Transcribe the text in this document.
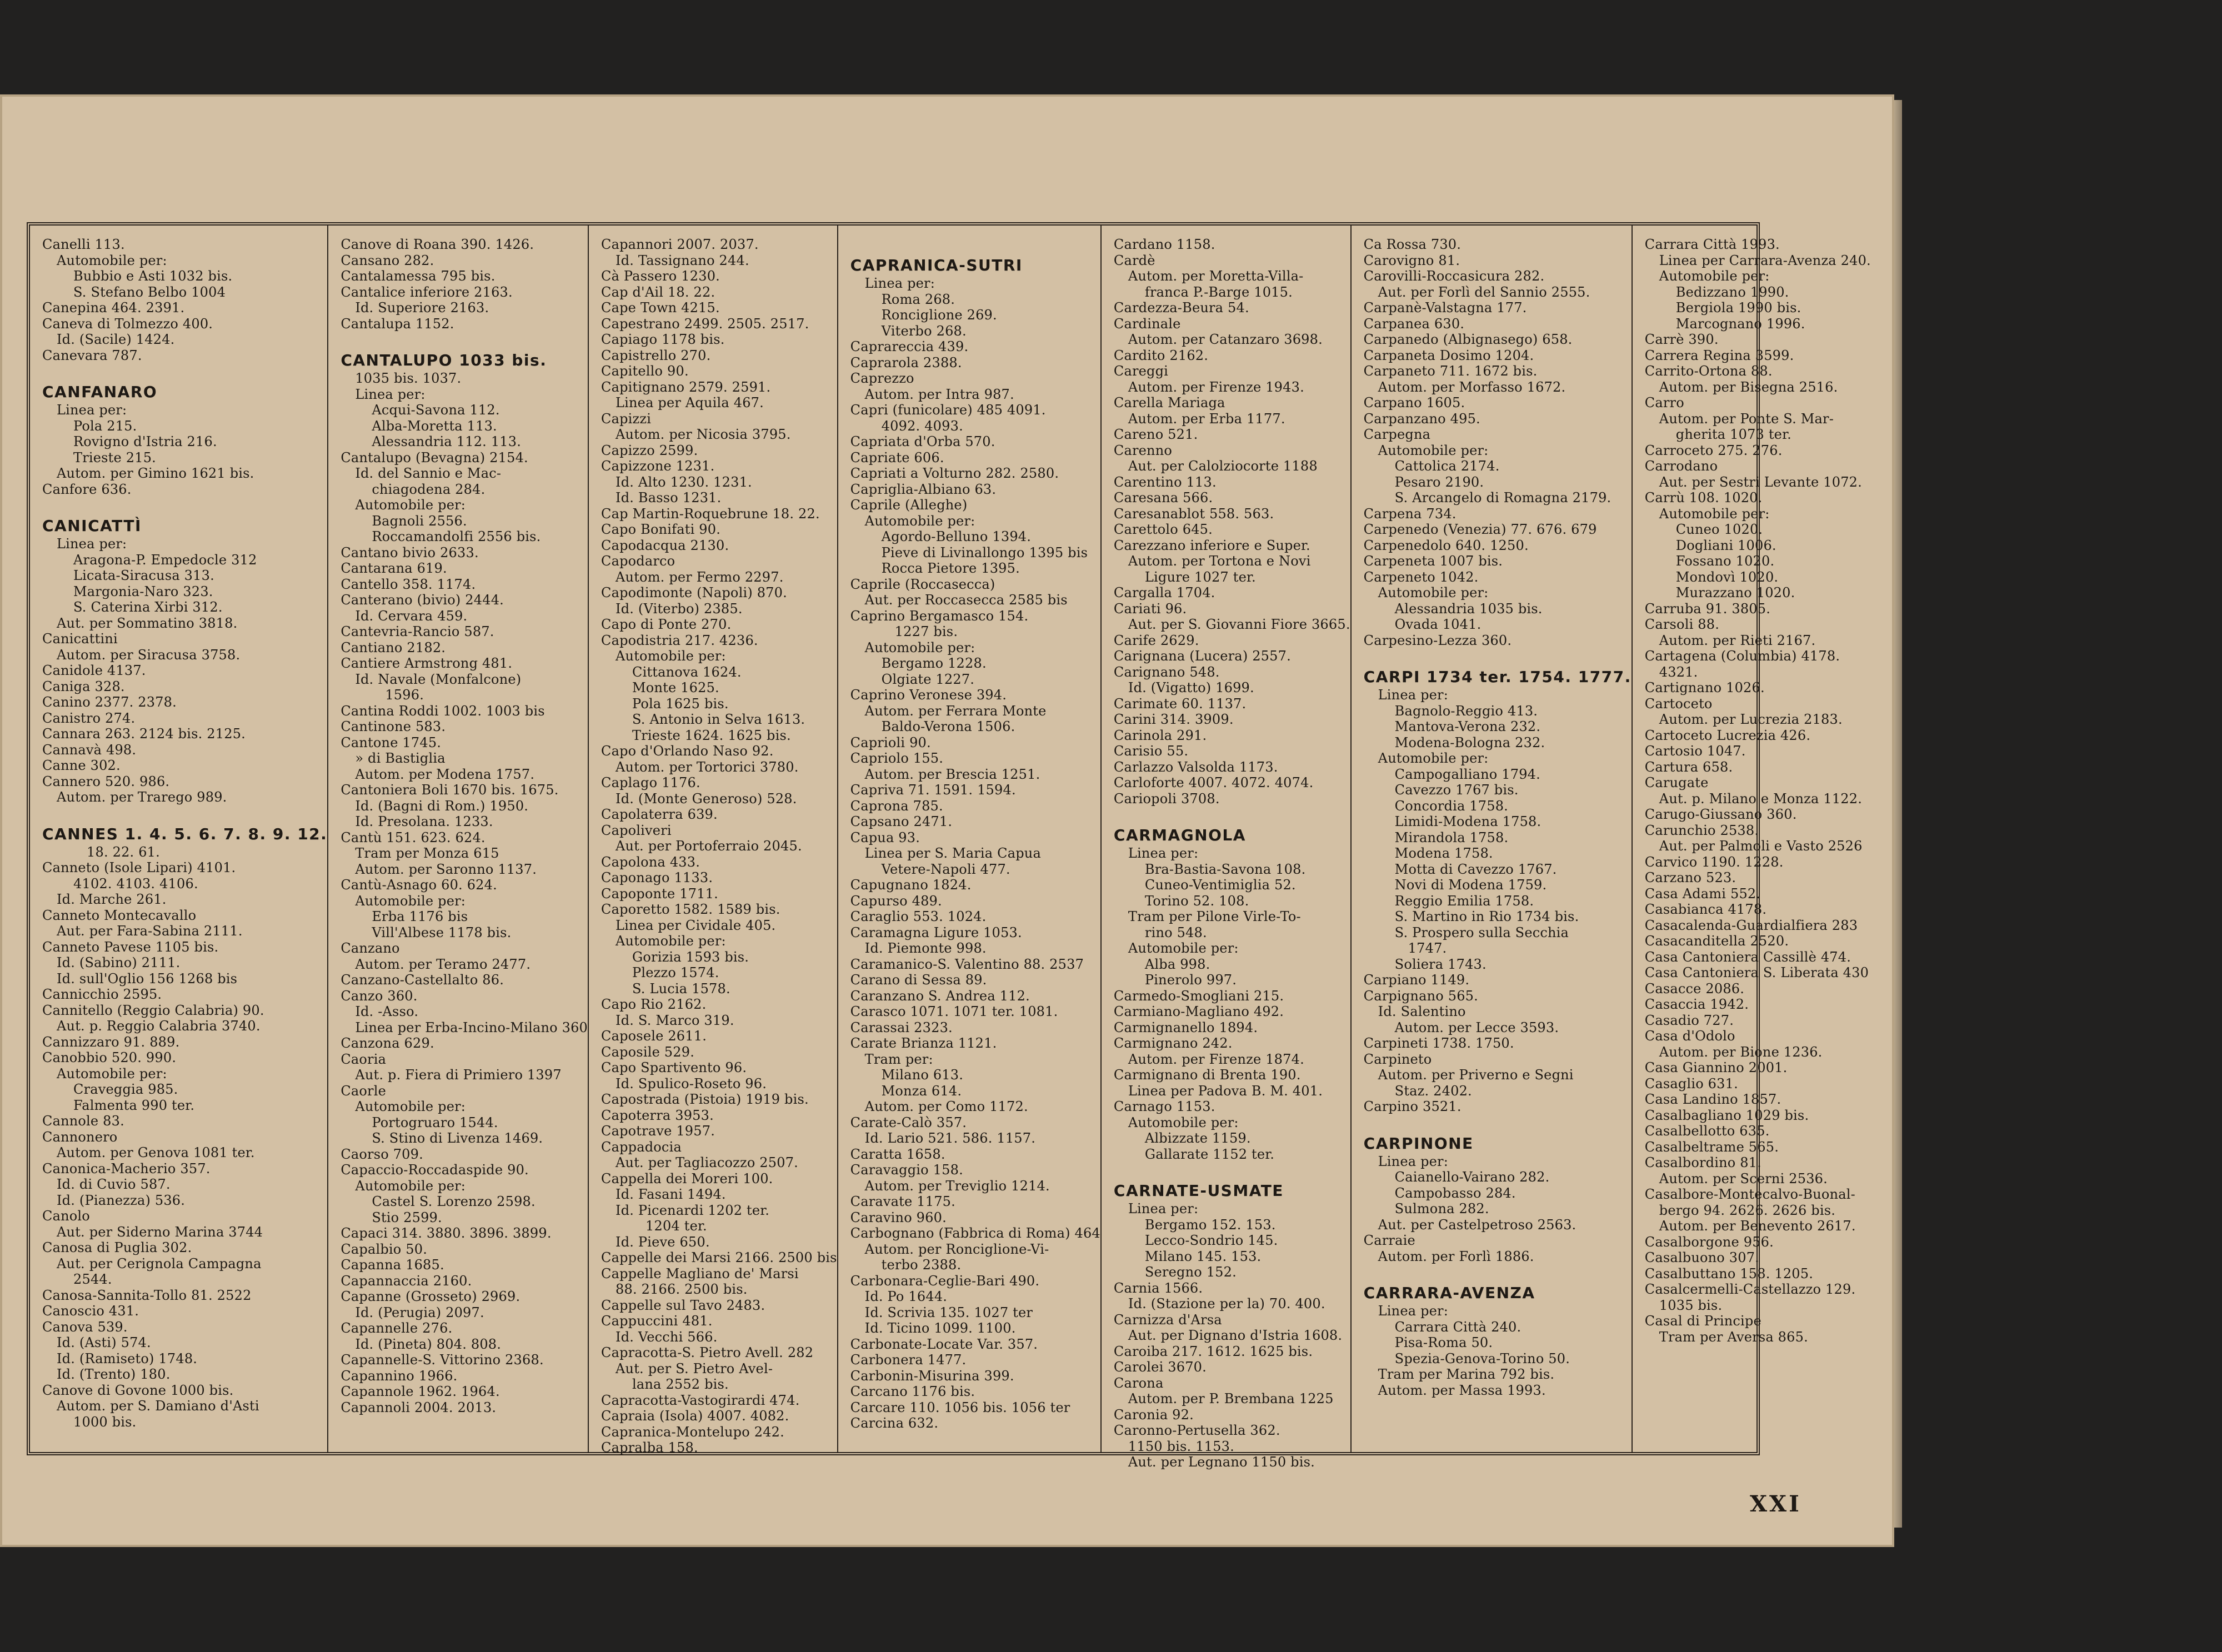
Canelli 113.
Automobile per:
Bubbio e Asti 1032 bis.
S. Stefano Belbo 1004
Canepina 464. 2391.
Caneva di Tolmezzo 400.
Id. (Sacile) 1424.
Canevara 787.
CANFANARO
Linea per:
Pola 215.
Rovigno d'Istria 216.
Trieste 215.
Autom. per Gimino 1621 bis.
Canfore 636.
CANICATTÌ
Linea per:
Aragona-P. Empedocle 312
Licata-Siracusa 313.
Margonia-Naro 323.
S. Caterina Xirbi 312.
Aut. per Sommatino 3818.
Canicattini
Autom. per Siracusa 3758.
Canidole 4137.
Caniga 328.
Canino 2377. 2378.
Canistro 274.
Cannara 263. 2124 bis. 2125.
Cannavà 498.
Canne 302.
Cannero 520. 986.
Autom. per Trarego 989.
CANNES 1. 4. 5. 6. 7. 8. 9. 12.
18. 22. 61.
Canneto (Isole Lipari) 4101.
4102. 4103. 4106.
Id. Marche 261.
Canneto Montecavallo
Aut. per Fara-Sabina 2111.
Canneto Pavese 1105 bis.
Id. (Sabino) 2111.
Id. sull'Oglio 156 1268 bis
Cannicchio 2595.
Cannitello (Reggio Calabria) 90.
Aut. p. Reggio Calabria 3740.
Cannizzaro 91. 889.
Canobbio 520. 990.
Automobile per:
Craveggia 985.
Falmenta 990 ter.
Cannole 83.
Cannonero
Autom. per Genova 1081 ter.
Canonica-Macherio 357.
Id. di Cuvio 587.
Id. (Pianezza) 536.
Canolo
Aut. per Siderno Marina 3744
Canosa di Puglia 302.
Aut. per Cerignola Campagna
2544.
Canosa-Sannita-Tollo 81. 2522
Canoscio 431.
Canova 539.
Id. (Asti) 574.
Id. (Ramiseto) 1748.
Id. (Trento) 180.
Canove di Govone 1000 bis.
Autom. per S. Damiano d'Asti
1000 bis.
Canove di Roana 390. 1426.
Cansano 282.
Cantalamessa 795 bis.
Cantalice inferiore 2163.
Id. Superiore 2163.
Cantalupa 1152.
CANTALUPO 1033 bis.
1035 bis. 1037.
Linea per:
Acqui-Savona 112.
Alba-Moretta 113.
Alessandria 112. 113.
Cantalupo (Bevagna) 2154.
Id. del Sannio e Mac-
chiagodena 284.
Automobile per:
Bagnoli 2556.
Roccamandolfi 2556 bis.
Cantano bivio 2633.
Cantarana 619.
Cantello 358. 1174.
Canterano (bivio) 2444.
Id. Cervara 459.
Cantevria-Rancio 587.
Cantiano 2182.
Cantiere Armstrong 481.
Id. Navale (Monfalcone)
1596.
Cantina Roddi 1002. 1003 bis
Cantinone 583.
Cantone 1745.
» di Bastiglia
Autom. per Modena 1757.
Cantoniera Boli 1670 bis. 1675.
Id. (Bagni di Rom.) 1950.
Id. Presolana. 1233.
Cantù 151. 623. 624.
Tram per Monza 615
Autom. per Saronno 1137.
Cantù-Asnago 60. 624.
Automobile per:
Erba 1176 bis
Vill'Albese 1178 bis.
Canzano
Autom. per Teramo 2477.
Canzano-Castellalto 86.
Canzo 360.
Id. -Asso.
Linea per Erba-Incino-Milano 360
Canzona 629.
Caoria
Aut. p. Fiera di Primiero 1397
Caorle
Automobile per:
Portogruaro 1544.
S. Stino di Livenza 1469.
Caorso 709.
Capaccio-Roccadaspide 90.
Automobile per:
Castel S. Lorenzo 2598.
Stio 2599.
Capaci 314. 3880. 3896. 3899.
Capalbio 50.
Capanna 1685.
Capannaccia 2160.
Capanne (Grosseto) 2969.
Id. (Perugia) 2097.
Capannelle 276.
Id. (Pineta) 804. 808.
Capannelle-S. Vittorino 2368.
Capannino 1966.
Capannole 1962. 1964.
Capannoli 2004. 2013.
Capannori 2007. 2037.
Id. Tassignano 244.
Cà Passero 1230.
Cap d'Ail 18. 22.
Cape Town 4215.
Capestrano 2499. 2505. 2517.
Capiago 1178 bis.
Capistrello 270.
Capitello 90.
Capitignano 2579. 2591.
Linea per Aquila 467.
Capizzi
Autom. per Nicosia 3795.
Capizzo 2599.
Capizzone 1231.
Id. Alto 1230. 1231.
Id. Basso 1231.
Cap Martin-Roquebrune 18. 22.
Capo Bonifati 90.
Capodacqua 2130.
Capodarco
Autom. per Fermo 2297.
Capodimonte (Napoli) 870.
Id. (Viterbo) 2385.
Capo di Ponte 270.
Capodistria 217. 4236.
Automobile per:
Cittanova 1624.
Monte 1625.
Pola 1625 bis.
S. Antonio in Selva 1613.
Trieste 1624. 1625 bis.
Capo d'Orlando Naso 92.
Autom. per Tortorici 3780.
Caplago 1176.
Id. (Monte Generoso) 528.
Capolaterra 639.
Capoliveri
Aut. per Portoferraio 2045.
Capolona 433.
Caponago 1133.
Capoponte 1711.
Caporetto 1582. 1589 bis.
Linea per Cividale 405.
Automobile per:
Gorizia 1593 bis.
Plezzo 1574.
S. Lucia 1578.
Capo Rio 2162.
Id. S. Marco 319.
Caposele 2611.
Caposile 529.
Capo Spartivento 96.
Id. Spulico-Roseto 96.
Capostrada (Pistoia) 1919 bis.
Capoterra 3953.
Capotrave 1957.
Cappadocia
Aut. per Tagliacozzo 2507.
Cappella dei Moreri 100.
Id. Fasani 1494.
Id. Picenardi 1202 ter.
1204 ter.
Id. Pieve 650.
Cappelle dei Marsi 2166. 2500 bis
Cappelle Magliano de' Marsi
88. 2166. 2500 bis.
Cappelle sul Tavo 2483.
Cappuccini 481.
Id. Vecchi 566.
Capracotta-S. Pietro Avell. 282
Aut. per S. Pietro Avel-
lana 2552 bis.
Capracotta-Vastogirardi 474.
Capraia (Isola) 4007. 4082.
Capranica-Montelupo 242.
Capralba 158.
CAPRANICA-SUTRI
Linea per:
Roma 268.
Ronciglione 269.
Viterbo 268.
Caprareccia 439.
Caprarola 2388.
Caprezzo
Autom. per Intra 987.
Capri (funicolare) 485 4091.
4092. 4093.
Capriata d'Orba 570.
Capriate 606.
Capriati a Volturno 282. 2580.
Capriglia-Albiano 63.
Caprile (Alleghe)
Automobile per:
Agordo-Belluno 1394.
Pieve di Livinallongo 1395 bis
Rocca Pietore 1395.
Caprile (Roccasecca)
Aut. per Roccasecca 2585 bis
Caprino Bergamasco 154.
1227 bis.
Automobile per:
Bergamo 1228.
Olgiate 1227.
Caprino Veronese 394.
Autom. per Ferrara Monte
Baldo-Verona 1506.
Caprioli 90.
Capriolo 155.
Autom. per Brescia 1251.
Capriva 71. 1591. 1594.
Caprona 785.
Capsano 2471.
Capua 93.
Linea per S. Maria Capua
Vetere-Napoli 477.
Capugnano 1824.
Capurso 489.
Caraglio 553. 1024.
Caramagna Ligure 1053.
Id. Piemonte 998.
Caramanico-S. Valentino 88. 2537
Carano di Sessa 89.
Caranzano S. Andrea 112.
Carasco 1071. 1071 ter. 1081.
Carassai 2323.
Carate Brianza 1121.
Tram per:
Milano 613.
Monza 614.
Autom. per Como 1172.
Carate-Calò 357.
Id. Lario 521. 586. 1157.
Caratta 1658.
Caravaggio 158.
Autom. per Treviglio 1214.
Caravate 1175.
Caravino 960.
Carbognano (Fabbrica di Roma) 464
Autom. per Ronciglione-Vi-
terbo 2388.
Carbonara-Ceglie-Bari 490.
Id. Po 1644.
Id. Scrivia 135. 1027 ter
Id. Ticino 1099. 1100.
Carbonate-Locate Var. 357.
Carbonera 1477.
Carbonin-Misurina 399.
Carcano 1176 bis.
Carcare 110. 1056 bis. 1056 ter
Carcina 632.
Cardano 1158.
Cardè
Autom. per Moretta-Villa-
franca P.-Barge 1015.
Cardezza-Beura 54.
Cardinale
Autom. per Catanzaro 3698.
Cardito 2162.
Careggi
Autom. per Firenze 1943.
Carella Mariaga
Autom. per Erba 1177.
Careno 521.
Carenno
Aut. per Calolziocorte 1188
Carentino 113.
Caresana 566.
Caresanablot 558. 563.
Carettolo 645.
Carezzano inferiore e Super.
Autom. per Tortona e Novi
Ligure 1027 ter.
Cargalla 1704.
Cariati 96.
Aut. per S. Giovanni Fiore 3665.
Carife 2629.
Carignana (Lucera) 2557.
Carignano 548.
Id. (Vigatto) 1699.
Carimate 60. 1137.
Carini 314. 3909.
Carinola 291.
Carisio 55.
Carlazzo Valsolda 1173.
Carloforte 4007. 4072. 4074.
Cariopoli 3708.
CARMAGNOLA
Linea per:
Bra-Bastia-Savona 108.
Cuneo-Ventimiglia 52.
Torino 52. 108.
Tram per Pilone Virle-To-
rino 548.
Automobile per:
Alba 998.
Pinerolo 997.
Carmedo-Smogliani 215.
Carmiano-Magliano 492.
Carmignanello 1894.
Carmignano 242.
Autom. per Firenze 1874.
Carmignano di Brenta 190.
Linea per Padova B. M. 401.
Carnago 1153.
Automobile per:
Albizzate 1159.
Gallarate 1152 ter.
CARNATE-USMATE
Linea per:
Bergamo 152. 153.
Lecco-Sondrio 145.
Milano 145. 153.
Seregno 152.
Carnia 1566.
Id. (Stazione per la) 70. 400.
Carnizza d'Arsa
Aut. per Dignano d'Istria 1608.
Caroiba 217. 1612. 1625 bis.
Carolei 3670.
Carona
Autom. per P. Brembana 1225
Caronia 92.
Caronno-Pertusella 362.
1150 bis. 1153.
Aut. per Legnano 1150 bis.
Ca Rossa 730.
Carovigno 81.
Carovilli-Roccasicura 282.
Aut. per Forlì del Sannio 2555.
Carpanè-Valstagna 177.
Carpanea 630.
Carpanedo (Albignasego) 658.
Carpaneta Dosimo 1204.
Carpaneto 711. 1672 bis.
Autom. per Morfasso 1672.
Carpano 1605.
Carpanzano 495.
Carpegna
Automobile per:
Cattolica 2174.
Pesaro 2190.
S. Arcangelo di Romagna 2179.
Carpena 734.
Carpenedo (Venezia) 77. 676. 679
Carpenedolo 640. 1250.
Carpeneta 1007 bis.
Carpeneto 1042.
Automobile per:
Alessandria 1035 bis.
Ovada 1041.
Carpesino-Lezza 360.
CARPI 1734 ter. 1754. 1777.
Linea per:
Bagnolo-Reggio 413.
Mantova-Verona 232.
Modena-Bologna 232.
Automobile per:
Campogalliano 1794.
Cavezzo 1767 bis.
Concordia 1758.
Limidi-Modena 1758.
Mirandola 1758.
Modena 1758.
Motta di Cavezzo 1767.
Novi di Modena 1759.
Reggio Emilia 1758.
S. Martino in Rio 1734 bis.
S. Prospero sulla Secchia
1747.
Soliera 1743.
Carpiano 1149.
Carpignano 565.
Id. Salentino
Autom. per Lecce 3593.
Carpineti 1738. 1750.
Carpineto
Autom. per Priverno e Segni
Staz. 2402.
Carpino 3521.
CARPINONE
Linea per:
Caianello-Vairano 282.
Campobasso 284.
Sulmona 282.
Aut. per Castelpetroso 2563.
Carraie
Autom. per Forlì 1886.
CARRARA-AVENZA
Linea per:
Carrara Città 240.
Pisa-Roma 50.
Spezia-Genova-Torino 50.
Tram per Marina 792 bis.
Autom. per Massa 1993.
Carrara Città 1993.
Linea per Carrara-Avenza 240.
Automobile per:
Bedizzano 1990.
Bergiola 1990 bis.
Marcognano 1996.
Carrè 390.
Carrera Regina 3599.
Carrito-Ortona 88.
Autom. per Bisegna 2516.
Carro
Autom. per Ponte S. Mar-
gherita 1073 ter.
Carroceto 275. 276.
Carrodano
Aut. per Sestri Levante 1072.
Carrù 108. 1020.
Automobile per:
Cuneo 1020.
Dogliani 1006.
Fossano 1020.
Mondovì 1020.
Murazzano 1020.
Carruba 91. 3805.
Carsoli 88.
Autom. per Rieti 2167.
Cartagena (Columbia) 4178.
4321.
Cartignano 1026.
Cartoceto
Autom. per Lucrezia 2183.
Cartoceto Lucrezia 426.
Cartosio 1047.
Cartura 658.
Carugate
Aut. p. Milano e Monza 1122.
Carugo-Giussano 360.
Carunchio 2538.
Aut. per Palmoli e Vasto 2526
Carvico 1190. 1228.
Carzano 523.
Casa Adami 552.
Casabianca 4178.
Casacalenda-Guardialfiera 283
Casacanditella 2520.
Casa Cantoniera Cassillè 474.
Casa Cantoniera S. Liberata 430
Casacce 2086.
Casaccia 1942.
Casadio 727.
Casa d'Odolo
Autom. per Bione 1236.
Casa Giannino 2001.
Casaglio 631.
Casa Landino 1857.
Casalbagliano 1029 bis.
Casalbellotto 635.
Casalbeltrame 565.
Casalbordino 81.
Autom. per Scerni 2536.
Casalbore-Montecalvo-Buonal-
bergo 94. 2626. 2626 bis.
Autom. per Benevento 2617.
Casalborgone 956.
Casalbuono 307.
Casalbuttano 158. 1205.
Casalcermelli-Castellazzo 129.
1035 bis.
Casal di Principe
Tram per Aversa 865.
XXI
